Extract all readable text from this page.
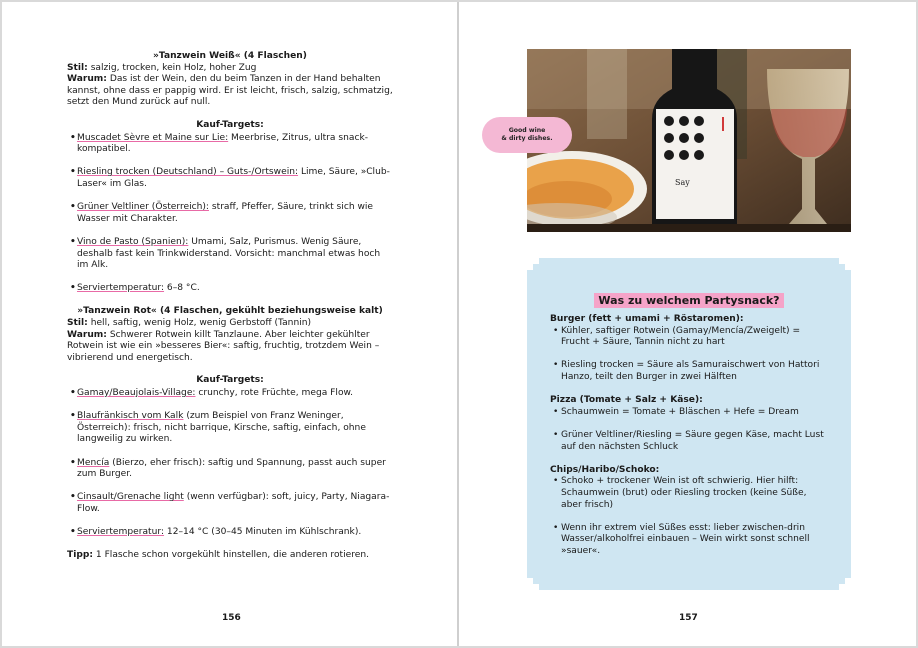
»Tanzwein Weiß« (4 Flaschen)

Stil: salzig, trocken, kein Holz, hoher Zug

Warum: Das ist der Wein, den du beim Tanzen in der Hand behalten kannst, ohne dass er pappig wird. Er ist leicht, frisch, salzig, schmatzig, setzt den Mund zurück auf null.

Kauf-Targets:
• Muscadet Sèvre et Maine sur Lie: Meerbrise, Zitrus, ultra snack-kompatibel.
• Riesling trocken (Deutschland) – Guts-/Ortswein: Lime, Säure, »Club-Laser« im Glas.
• Grüner Veltliner (Österreich): straff, Pfeffer, Säure, trinkt sich wie Wasser mit Charakter.
• Vino de Pasto (Spanien): Umami, Salz, Purismus. Wenig Säure, deshalb fast kein Trinkwiderstand. Vorsicht: manchmal etwas hoch im Alk.
• Serviertemperatur: 6–8 °C.
»Tanzwein Rot« (4 Flaschen, gekühlt beziehungsweise kalt)

Stil: hell, saftig, wenig Holz, wenig Gerbstoff (Tannin)

Warum: Schwerer Rotwein killt Tanzlaune. Aber leichter gekühlter Rotwein ist wie ein »besseres Bier«: saftig, fruchtig, trotzdem Wein – vibrierend und energetisch.

Kauf-Targets:
• Gamay/Beaujolais-Village: crunchy, rote Früchte, mega Flow.
• Blaufränkisch vom Kalk (zum Beispiel von Franz Weninger, Österreich): frisch, nicht barrique, Kirsche, saftig, einfach, ohne langweilig zu wirken.
• Mencía (Bierzo, eher frisch): saftig und Spannung, passt auch super zum Burger.
• Cinsault/Grenache light (wenn verfügbar): soft, juicy, Party, Niagara-Flow.
• Serviertemperatur: 12–14 °C (30–45 Minuten im Kühlschrank).

Tipp: 1 Flasche schon vorgekühlt hinstellen, die anderen rotieren.

156
Say
Good wine
& dirty dishes.
Was zu welchem Partysnack?
Burger (fett + umami + Röstaromen):
• Kühler, saftiger Rotwein (Gamay/Mencía/Zweigelt) = Frucht + Säure, Tannin nicht zu hart
• Riesling trocken = Säure als Samuraischwert von Hattori Hanzo, teilt den Burger in zwei Hälften
Pizza (Tomate + Salz + Käse):
• Schaumwein = Tomate + Bläschen + Hefe = Dream
• Grüner Veltliner/Riesling = Säure gegen Käse, macht Lust auf den nächsten Schluck
Chips/Haribo/Schoko:
• Schoko + trockener Wein ist oft schwierig. Hier hilft: Schaumwein (brut) oder Riesling trocken (keine Süße, aber frisch)
• Wenn ihr extrem viel Süßes esst: lieber zwischen-drin Wasser/alkoholfrei einbauen – Wein wirkt sonst schnell »sauer«.
157
